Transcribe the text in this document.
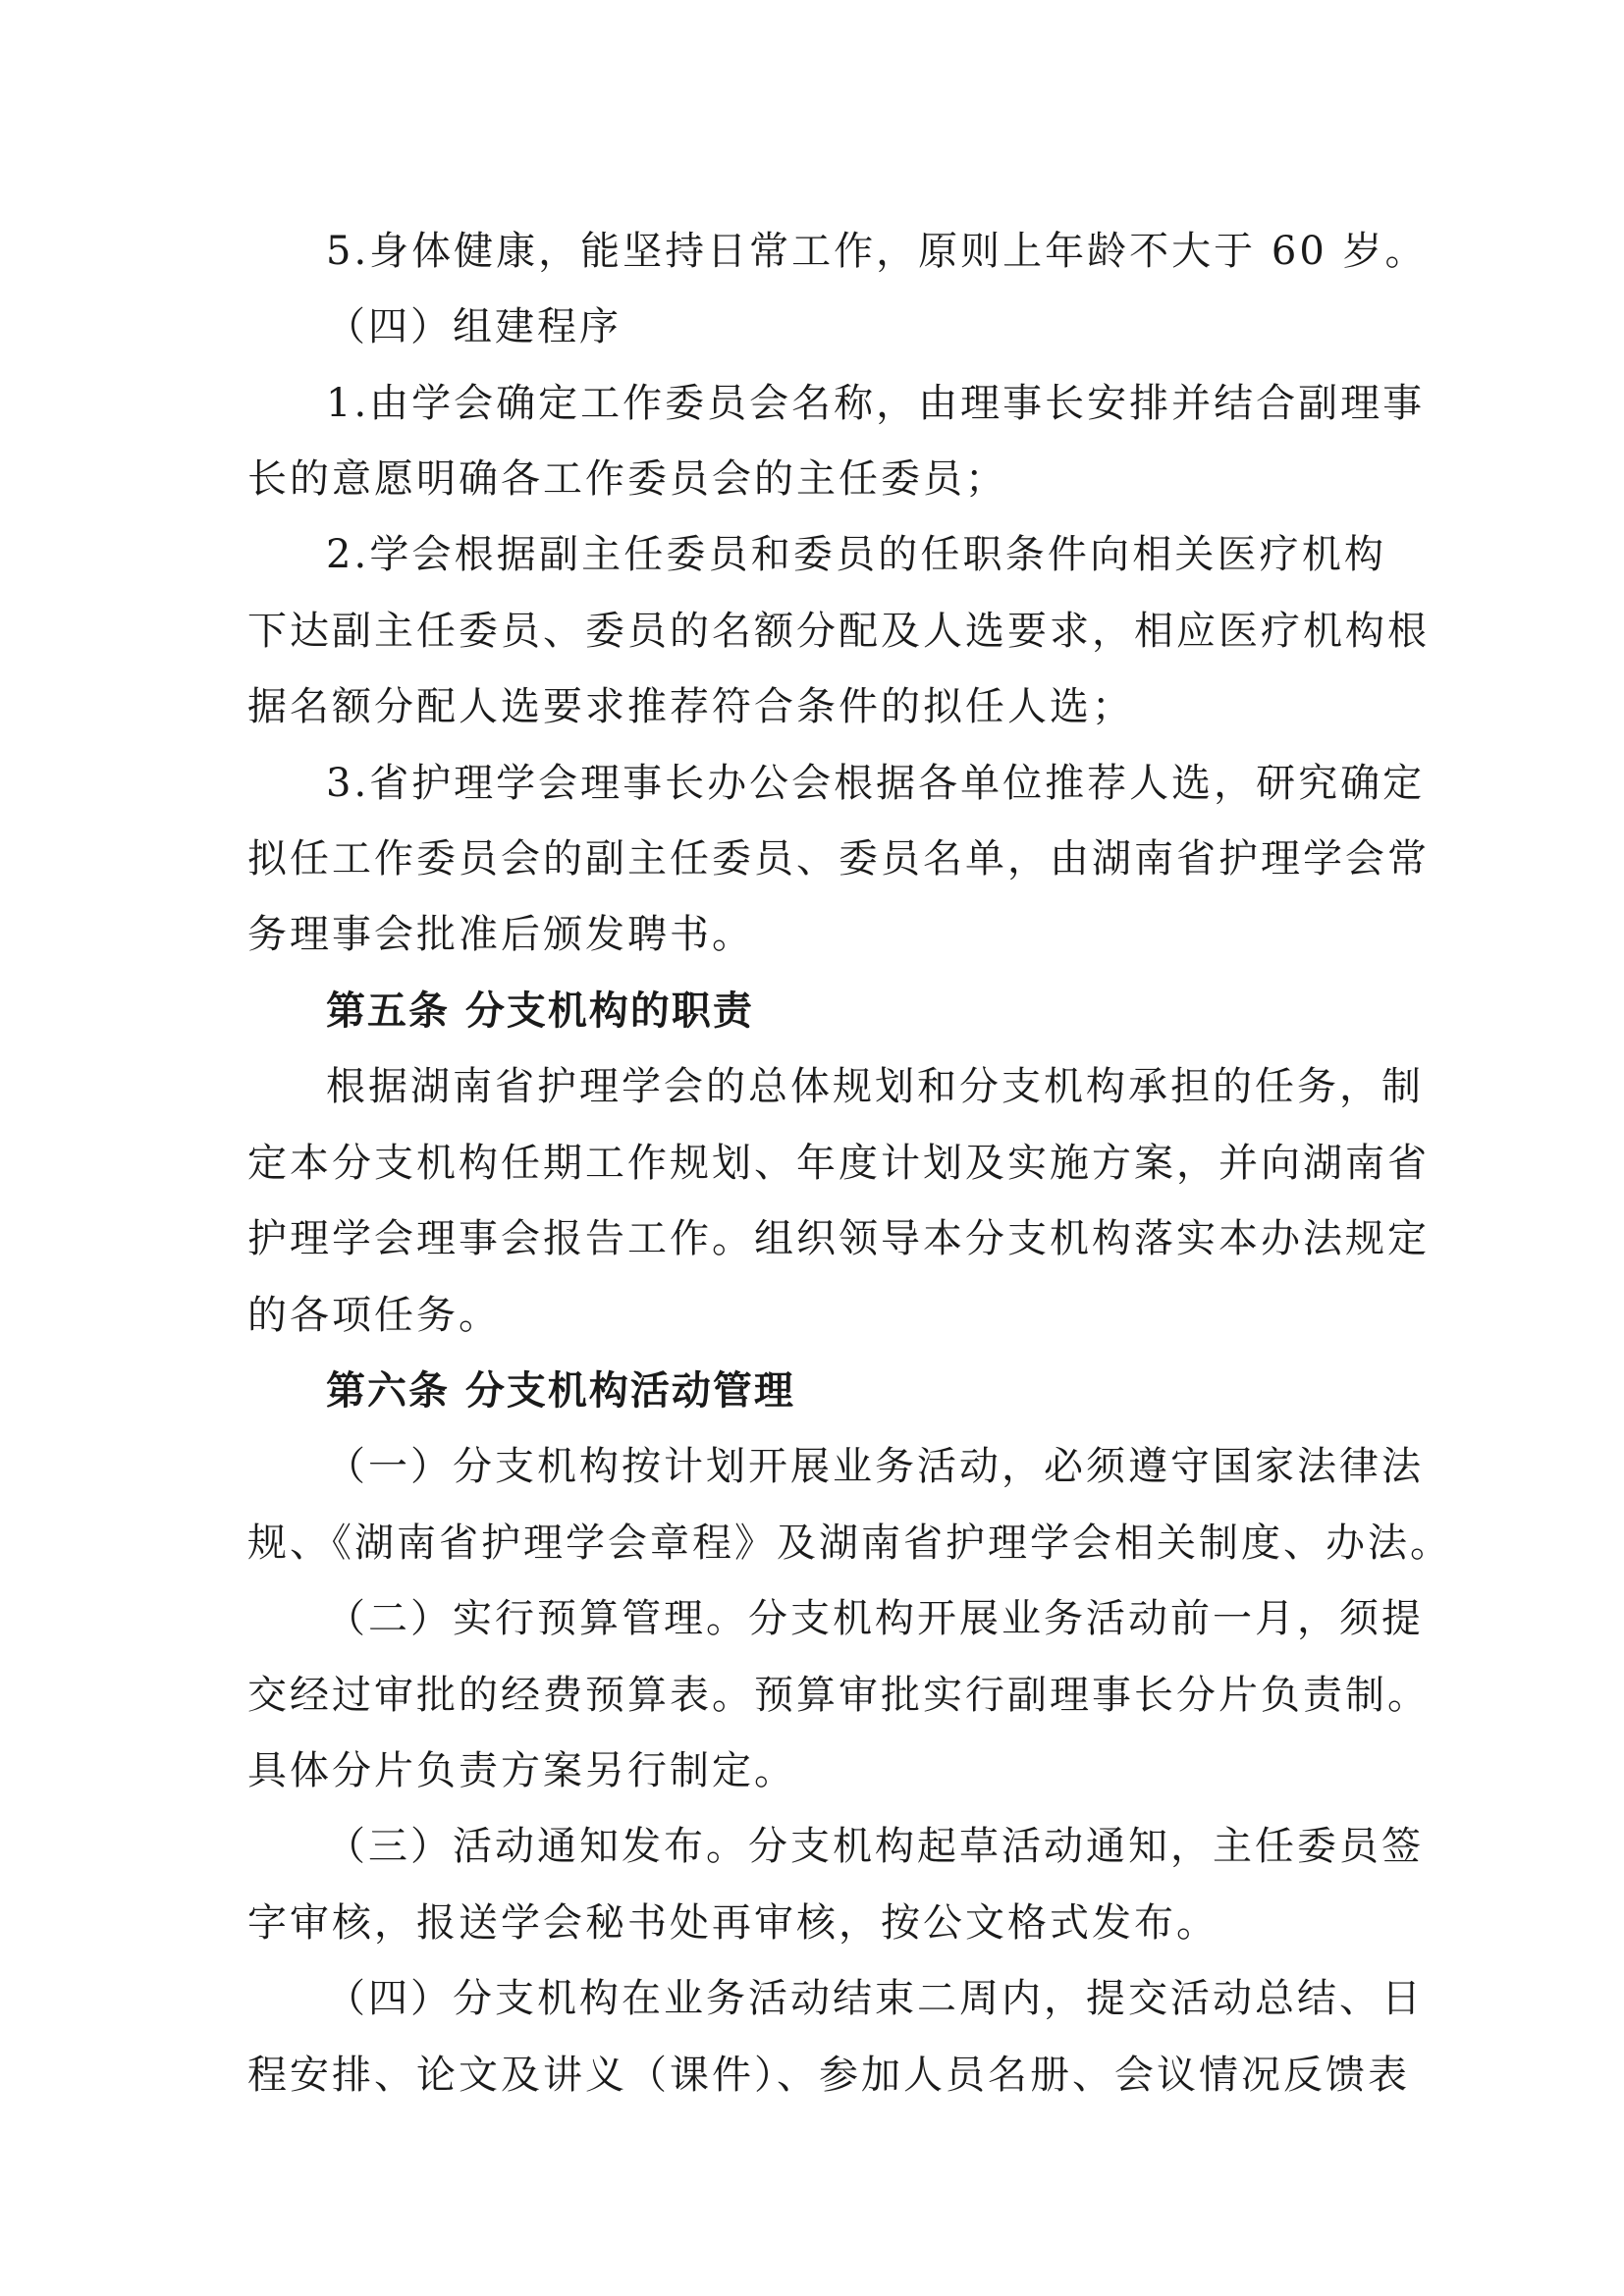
5.身体健康，能坚持日常工作，原则上年龄不大于 60 岁。
（四）组建程序
1.由学会确定工作委员会名称，由理事长安排并结合副理事
长的意愿明确各工作委员会的主任委员；
2.学会根据副主任委员和委员的任职条件向相关医疗机构
下达副主任委员、委员的名额分配及人选要求，相应医疗机构根
据名额分配人选要求推荐符合条件的拟任人选；
3.省护理学会理事长办公会根据各单位推荐人选，研究确定
拟任工作委员会的副主任委员、委员名单，由湖南省护理学会常
务理事会批准后颁发聘书。
第五条 分支机构的职责
根据湖南省护理学会的总体规划和分支机构承担的任务，制
定本分支机构任期工作规划、年度计划及实施方案，并向湖南省
护理学会理事会报告工作。组织领导本分支机构落实本办法规定
的各项任务。
第六条 分支机构活动管理
（一）分支机构按计划开展业务活动，必须遵守国家法律法
规、《湖南省护理学会章程》及湖南省护理学会相关制度、办法。
（二）实行预算管理。分支机构开展业务活动前一月，须提
交经过审批的经费预算表。预算审批实行副理事长分片负责制。
具体分片负责方案另行制定。
（三）活动通知发布。分支机构起草活动通知，主任委员签
字审核，报送学会秘书处再审核，按公文格式发布。
（四）分支机构在业务活动结束二周内，提交活动总结、日
程安排、论文及讲义（课件）、参加人员名册、会议情况反馈表
